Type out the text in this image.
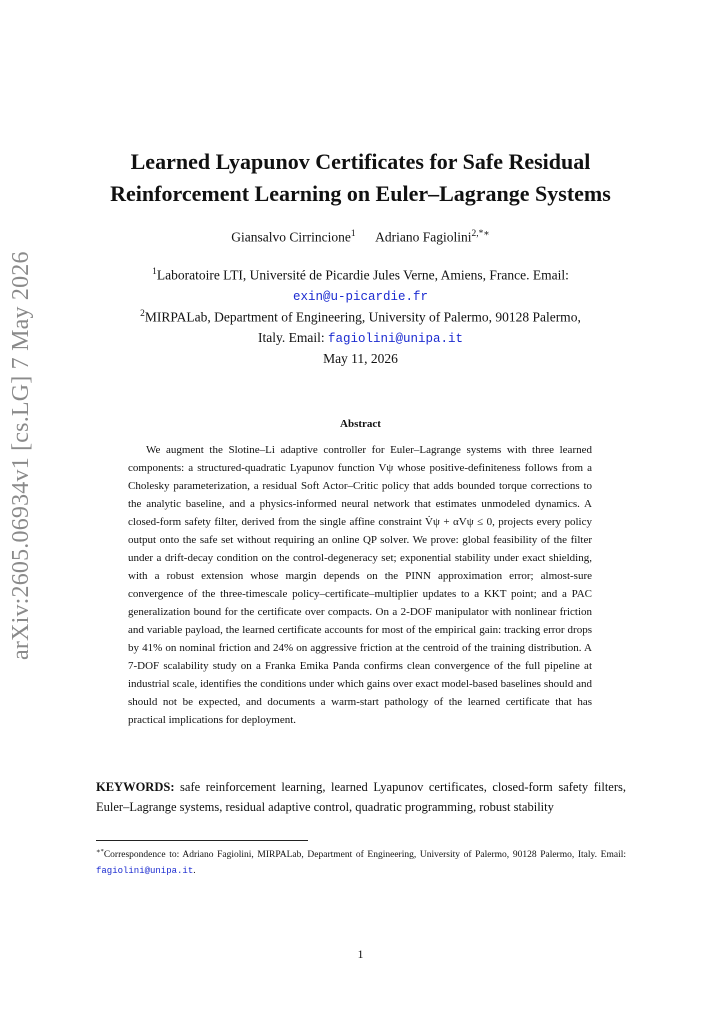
arXiv:2605.06934v1 [cs.LG] 7 May 2026
Learned Lyapunov Certificates for Safe Residual
Reinforcement Learning on Euler–Lagrange Systems
Giansalvo Cirrincione$^1$ Adriano Fagiolini$^{2,*∗}$
$^1$Laboratoire LTI, Université de Picardie Jules Verne, Amiens, France. Email:
exin@u-picardie.fr
$^2$MIRPALab, Department of Engineering, University of Palermo, 90128 Palermo,
Italy. Email: fagiolini@unipa.it
May 11, 2026
Abstract

We augment the Slotine–Li adaptive controller for Euler–Lagrange systems with three learned components: a structured-quadratic Lyapunov function Vψ whose positive-definiteness follows from a Cholesky parameterization, a residual Soft Actor–Critic policy that adds bounded torque corrections to the analytic baseline, and a physics-informed neural network that estimates unmodeled dynamics. A closed-form safety filter, derived from the single affine constraint V̇ψ + αVψ ≤ 0, projects every policy output onto the safe set without requiring an online QP solver. We prove: global feasibility of the filter under a drift-decay condition on the control-degeneracy set; exponential stability under exact shielding, with a robust extension whose margin depends on the PINN approximation error; almost-sure convergence of the three-timescale policy–certificate–multiplier updates to a KKT point; and a PAC generalization bound for the certificate over compacts. On a 2-DOF manipulator with nonlinear friction and variable payload, the learned certificate accounts for most of the empirical gain: tracking error drops by 41% on nominal friction and 24% on aggressive friction at the centroid of the training distribution. A 7-DOF scalability study on a Franka Emika Panda confirms clean convergence of the full pipeline at industrial scale, identifies the conditions under which gains over exact model-based baselines should and should not be expected, and documents a warm-start pathology of the learned certificate that has practical implications for deployment.

KEYWORDS: safe reinforcement learning, learned Lyapunov certificates, closed-form safety filters, Euler–Lagrange systems, residual adaptive control, quadratic programming, robust stability
∗*Correspondence to: Adriano Fagiolini, MIRPALab, Department of Engineering, University of Palermo, 90128 Palermo, Italy. Email: fagiolini@unipa.it.
1
